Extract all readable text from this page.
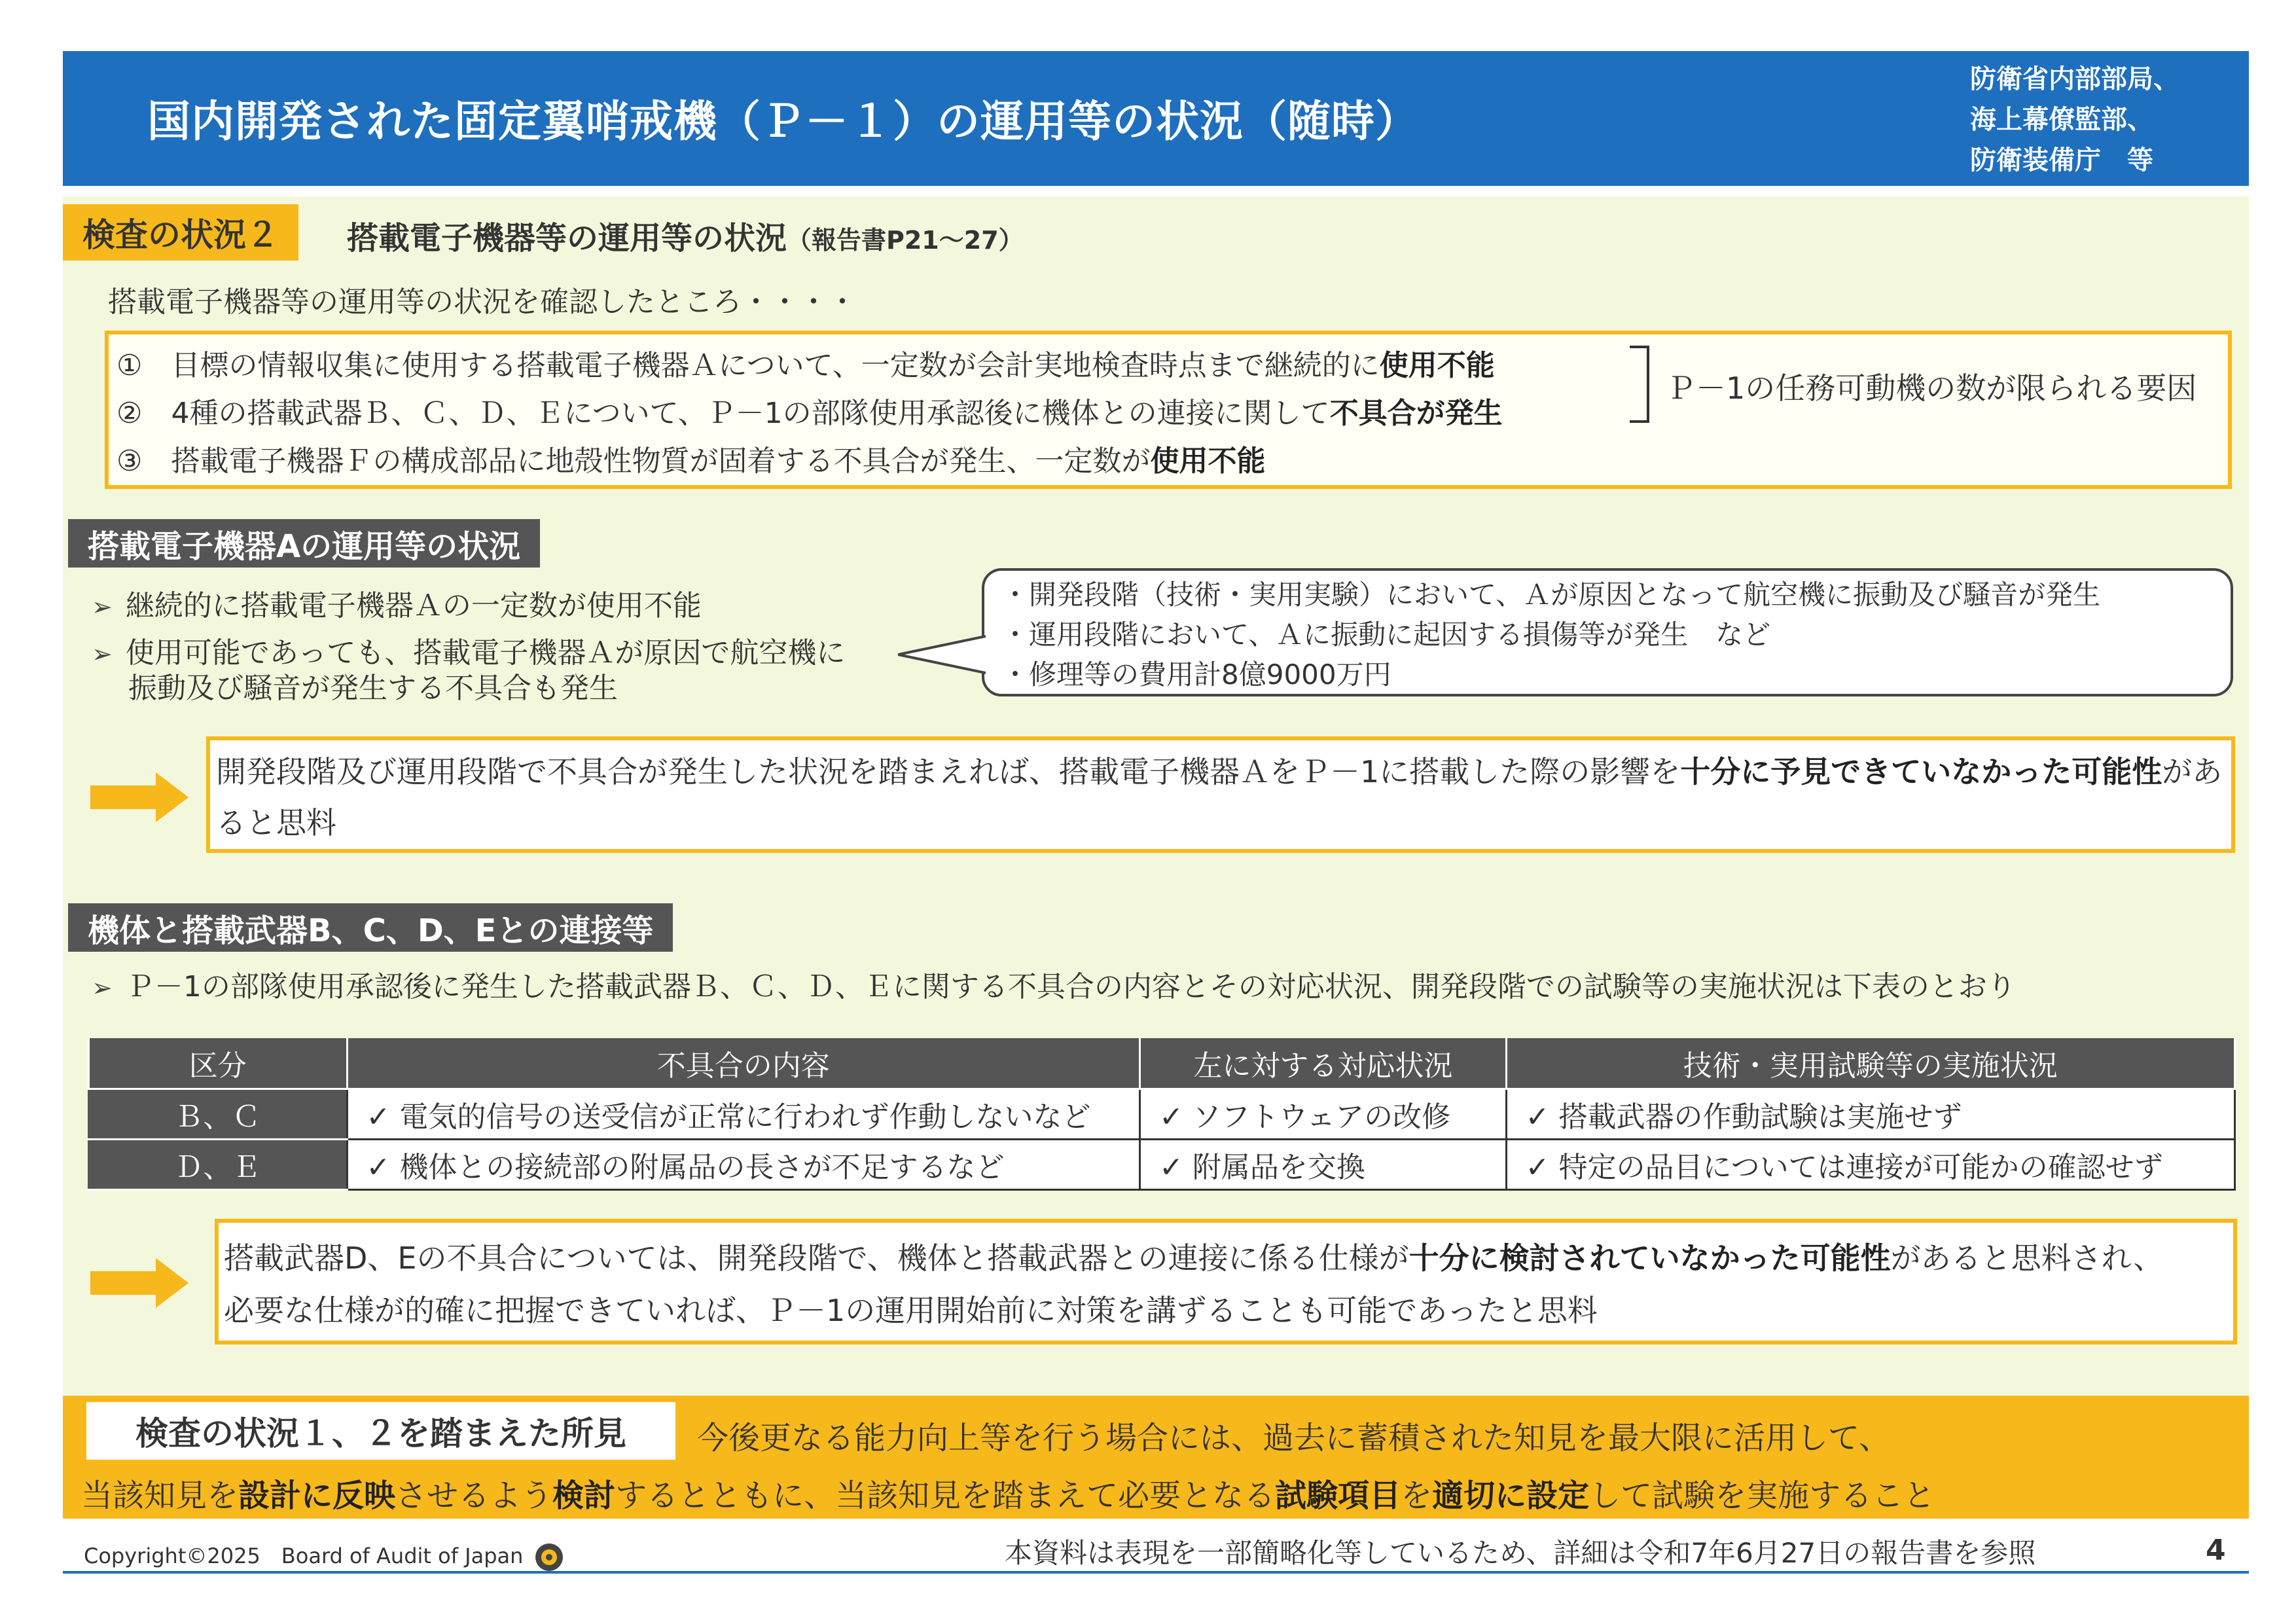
国内開発された固定翼哨戒機（Ｐ－１）の運用等の状況（随時）
防衛省内部部局、
海上幕僚監部、
防衛装備庁　等
検査の状況２	搭載電子機器等の運用等の状況（報告書P21～27）
搭載電子機器等の運用等の状況を確認したところ・・・・
①　 目標の情報収集に使用する搭載電子機器Ａについて、一定数が会計実地検査時点まで継続的に使用不能
②　 4種の搭載武器Ｂ、Ｃ、Ｄ、Ｅについて、Ｐ－1の部隊使用承認後に機体との連接に関して不具合が発生
③　 搭載電子機器Ｆの構成部品に地殻性物質が固着する不具合が発生、一定数が使用不能
Ｐ－1の任務可動機の数が限られる要因
搭載電子機器Aの運用等の状況
➢ 継続的に搭載電子機器Ａの一定数が使用不能
➢ 使用可能であっても、搭載電子機器Ａが原因で航空機に
振動及び騒音が発生する不具合も発生
・開発段階（技術・実用実験）において、Ａが原因となって航空機に振動及び騒音が発生
・運用段階において、Ａに振動に起因する損傷等が発生　など
・修理等の費用計8億9000万円
開発段階及び運用段階で不具合が発生した状況を踏まえれば、搭載電子機器ＡをＰ－1に搭載した際の影響を十分に予見できていなかった可能性があると思料
機体と搭載武器B、C、D、Eとの連接等
➢ Ｐ－1の部隊使用承認後に発生した搭載武器Ｂ、Ｃ、Ｄ、Ｅに関する不具合の内容とその対応状況、開発段階での試験等の実施状況は下表のとおり
区分	不具合の内容	左に対する対応状況	技術・実用試験等の実施状況
Ｂ、Ｃ	✓ 電気的信号の送受信が正常に行われず作動しないなど	✓ ソフトウェアの改修	✓ 搭載武器の作動試験は実施せず
Ｄ、Ｅ	✓ 機体との接続部の附属品の長さが不足するなど	✓ 附属品を交換	✓ 特定の品目については連接が可能かの確認せず
搭載武器D、Eの不具合については、開発段階で、機体と搭載武器との連接に係る仕様が十分に検討されていなかった可能性があると思料され、
必要な仕様が的確に把握できていれば、Ｐ－1の運用開始前に対策を講ずることも可能であったと思料
検査の状況１、２を踏まえた所見	今後更なる能力向上等を行う場合には、過去に蓄積された知見を最大限に活用して、
当該知見を設計に反映させるよう検討するとともに、当該知見を踏まえて必要となる試験項目を適切に設定して試験を実施すること
Copyright©2025　Board of Audit of Japan	本資料は表現を一部簡略化等しているため、詳細は令和7年6月27日の報告書を参照	4
